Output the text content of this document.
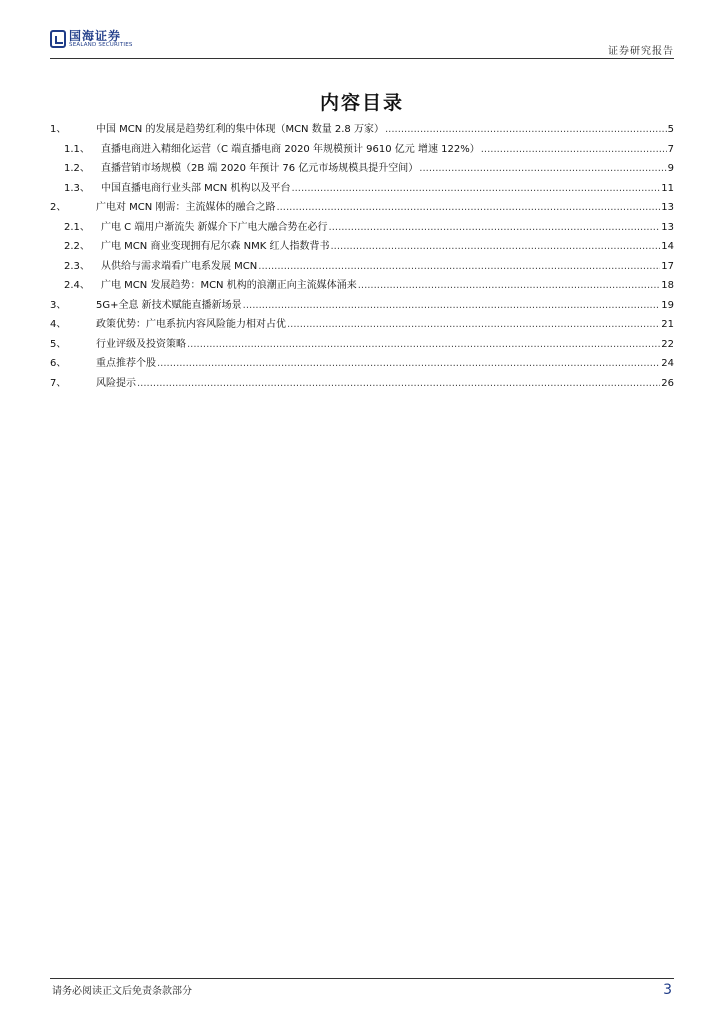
国海证券
SEALAND SECURITIES
证券研究报告
内容目录
1、	中国 MCN 的发展是趋势红利的集中体现（MCN 数量 2.8 万家） .....	5
1.1、	直播电商进入精细化运营（C 端直播电商 2020 年规模预计 9610 亿元 增速 122%） .....	7
1.2、	直播营销市场规模（2B 端 2020 年预计 76 亿元市场规模具提升空间） .....	9
1.3、	中国直播电商行业头部 MCN 机构以及平台 .....	11
2、	广电对 MCN 刚需：主流媒体的融合之路 .....	13
2.1、	广电 C 端用户渐流失 新媒介下广电大融合势在必行 .....	13
2.2、	广电 MCN 商业变现拥有尼尔森 NMK 红人指数背书 .....	14
2.3、	从供给与需求端看广电系发展 MCN .....	17
2.4、	广电 MCN 发展趋势：MCN 机构的浪潮正向主流媒体涌来 .....	18
3、	5G+全息 新技术赋能直播新场景 .....	19
4、	政策优势：广电系抗内容风险能力相对占优 .....	21
5、	行业评级及投资策略 .....	22
6、	重点推荐个股 .....	24
7、	风险提示 .....	26
请务必阅读正文后免责条款部分	3
